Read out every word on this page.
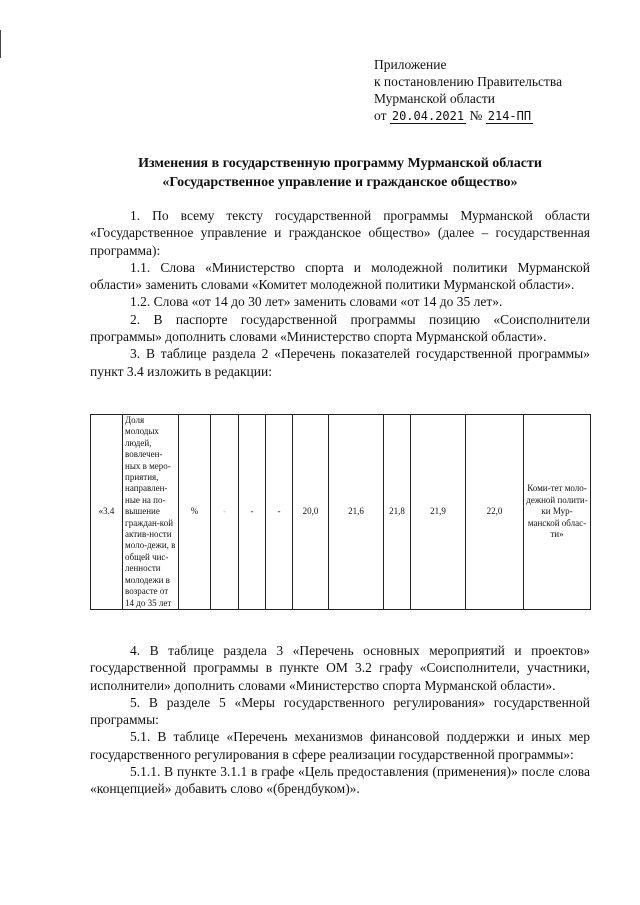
Приложение
к постановлению Правительства
Мурманской области
от 20.04.2021 № 214-ПП
Изменения в государственную программу Мурманской области
«Государственное управление и гражданское общество»

1. По всему тексту государственной программы Мурманской области «Государственное управление и гражданское общество» (далее – государственная программа):

1.1. Слова «Министерство спорта и молодежной политики Мурманской области» заменить словами «Комитет молодежной политики Мурманской области».

1.2. Слова «от 14 до 30 лет» заменить словами «от 14 до 35 лет».

2. В паспорте государственной программы позицию «Соисполнители программы» дополнить словами «Министерство спорта Мурманской области».

3. В таблице раздела 2 «Перечень показателей государственной программы» пункт 3.4 изложить в редакции:

«3.4	Доля молодых людей, вовлечен-ных в меро-приятия, направлен-ные на по-вышение граждан-кой актив-ности моло-дежи, в общей чис-ленности молодежи в возрасте от 14 до 35 лет	%	-	-	-	20,0	21,6	21,8	21,9	22,0	Коми-тет моло-дежной полити-ки Мур-манской облас-ти»

4. В таблице раздела 3 «Перечень основных мероприятий и проектов» государственной программы в пункте ОМ 3.2 графу «Соисполнители, участники, исполнители» дополнить словами «Министерство спорта Мурманской области».

5. В разделе 5 «Меры государственного регулирования» государственной программы:

5.1. В таблице «Перечень механизмов финансовой поддержки и иных мер государственного регулирования в сфере реализации государственной программы»:

5.1.1. В пункте 3.1.1 в графе «Цель предоставления (применения)» после слова «концепцией» добавить слово «(брендбуком)».
